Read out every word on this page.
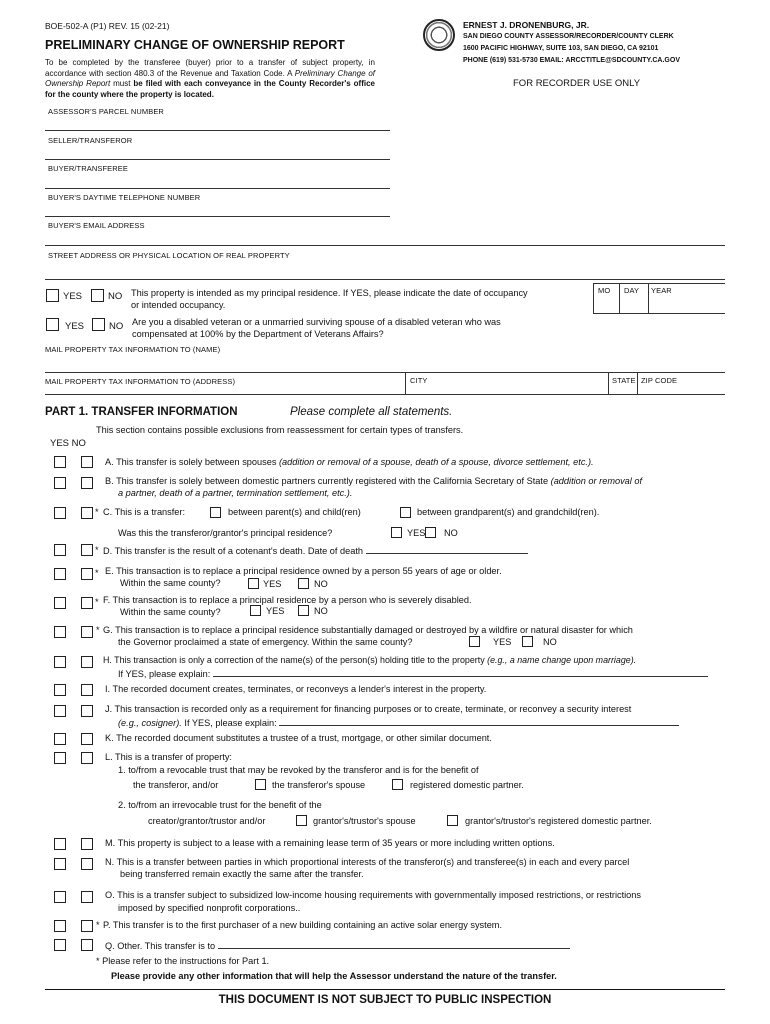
BOE-502-A (P1) REV. 15 (02-21)
PRELIMINARY CHANGE OF OWNERSHIP REPORT
To be completed by the transferee (buyer) prior to a transfer of subject property, in accordance with section 480.3 of the Revenue and Taxation Code. A Preliminary Change of Ownership Report must be filed with each conveyance in the County Recorder's office for the county where the property is located.
ERNEST J. DRONENBURG, JR.
SAN DIEGO COUNTY ASSESSOR/RECORDER/COUNTY CLERK
1600 PACIFIC HIGHWAY, SUITE 103, SAN DIEGO, CA 92101
PHONE (619) 531-5730 EMAIL: ARCCTITLE@SDCOUNTY.CA.GOV
FOR RECORDER USE ONLY
ASSESSOR'S PARCEL NUMBER
SELLER/TRANSFEROR
BUYER/TRANSFEREE
BUYER'S DAYTIME TELEPHONE NUMBER
BUYER'S EMAIL ADDRESS
STREET ADDRESS OR PHYSICAL LOCATION OF REAL PROPERTY
YES	NO This property is intended as my principal residence. If YES, please indicate the date of occupancy
or intended occupancy.
MO DAY YEAR
YES	NO Are you a disabled veteran or a unmarried surviving spouse of a disabled veteran who was
compensated at 100% by the Department of Veterans Affairs?
MAIL PROPERTY TAX INFORMATION TO (NAME)
MAIL PROPERTY TAX INFORMATION TO (ADDRESS)	CITY	STATE ZIP CODE
PART 1. TRANSFER INFORMATION	Please complete all statements.
This section contains possible exclusions from reassessment for certain types of transfers.
YES NO
A. This transfer is solely between spouses (addition or removal of a spouse, death of a spouse, divorce settlement, etc.).
B. This transfer is solely between domestic partners currently registered with the California Secretary of State (addition or removal of
a partner, death of a partner, termination settlement, etc.).
* C. This is a transfer:	between parent(s) and child(ren)	between grandparent(s) and grandchild(ren).
Was this the transferor/grantor's principal residence?	YES NO
* D. This transfer is the result of a cotenant's death. Date of death
* E. This transaction is to replace a principal residence owned by a person 55 years of age or older.
Within the same county?	YES	NO
* F. This transaction is to replace a principal residence by a person who is severely disabled.
Within the same county?	YES	NO
* G. This transaction is to replace a principal residence substantially damaged or destroyed by a wildfire or natural disaster for which
the Governor proclaimed a state of emergency. Within the same county?	YES	NO
H. This transaction is only a correction of the name(s) of the person(s) holding title to the property (e.g., a name change upon marriage).
If YES, please explain:
I. The recorded document creates, terminates, or reconveys a lender's interest in the property.
J. This transaction is recorded only as a requirement for financing purposes or to create, terminate, or reconvey a security interest
(e.g., cosigner). If YES, please explain:
K. The recorded document substitutes a trustee of a trust, mortgage, or other similar document.
L. This is a transfer of property:
1. to/from a revocable trust that may be revoked by the transferor and is for the benefit of
the transferor, and/or	the transferor's spouse	registered domestic partner.
2. to/from an irrevocable trust for the benefit of the
creator/grantor/trustor and/or	grantor's/trustor's spouse	grantor's/trustor's registered domestic partner.
M. This property is subject to a lease with a remaining lease term of 35 years or more including written options.
N. This is a transfer between parties in which proportional interests of the transferor(s) and transferee(s) in each and every parcel
being transferred remain exactly the same after the transfer.
O. This is a transfer subject to subsidized low-income housing requirements with governmentally imposed restrictions, or restrictions
imposed by specified nonprofit corporations..
* P. This transfer is to the first purchaser of a new building containing an active solar energy system.
Q. Other. This transfer is to
* Please refer to the instructions for Part 1.
Please provide any other information that will help the Assessor understand the nature of the transfer.
THIS DOCUMENT IS NOT SUBJECT TO PUBLIC INSPECTION
